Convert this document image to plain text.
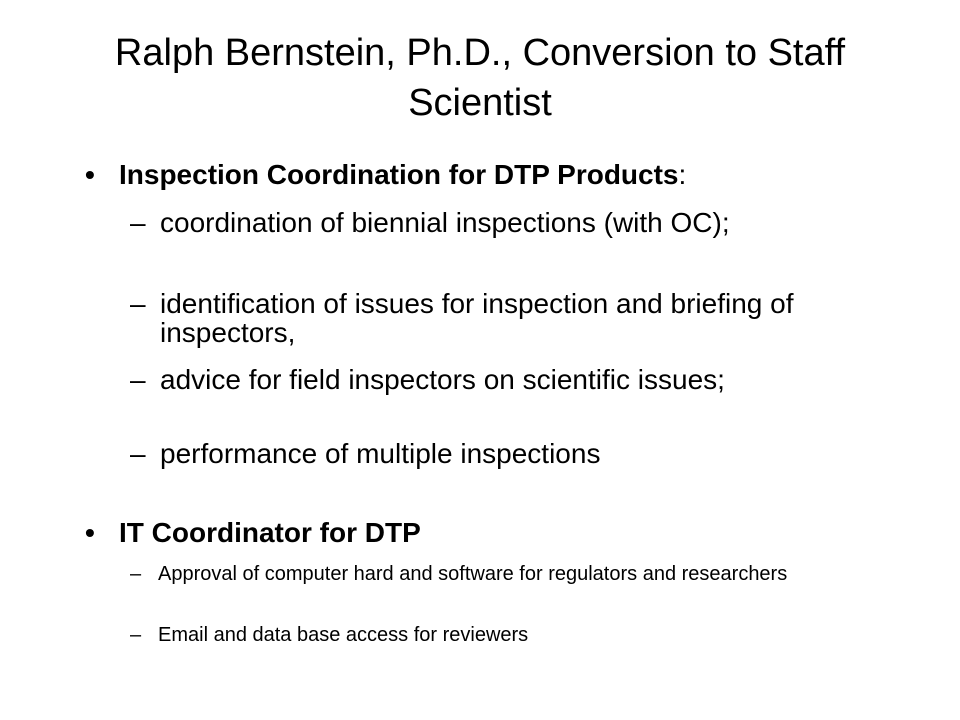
Ralph Bernstein, Ph.D., Conversion to Staff Scientist
• Inspection Coordination for DTP Products:
– coordination of biennial inspections (with OC);
– identification of issues for inspection and briefing of inspectors,
– advice for field inspectors on scientific issues;
– performance of multiple inspections
• IT Coordinator for DTP
– Approval of computer hard and software for regulators and researchers
– Email and data base access for reviewers
